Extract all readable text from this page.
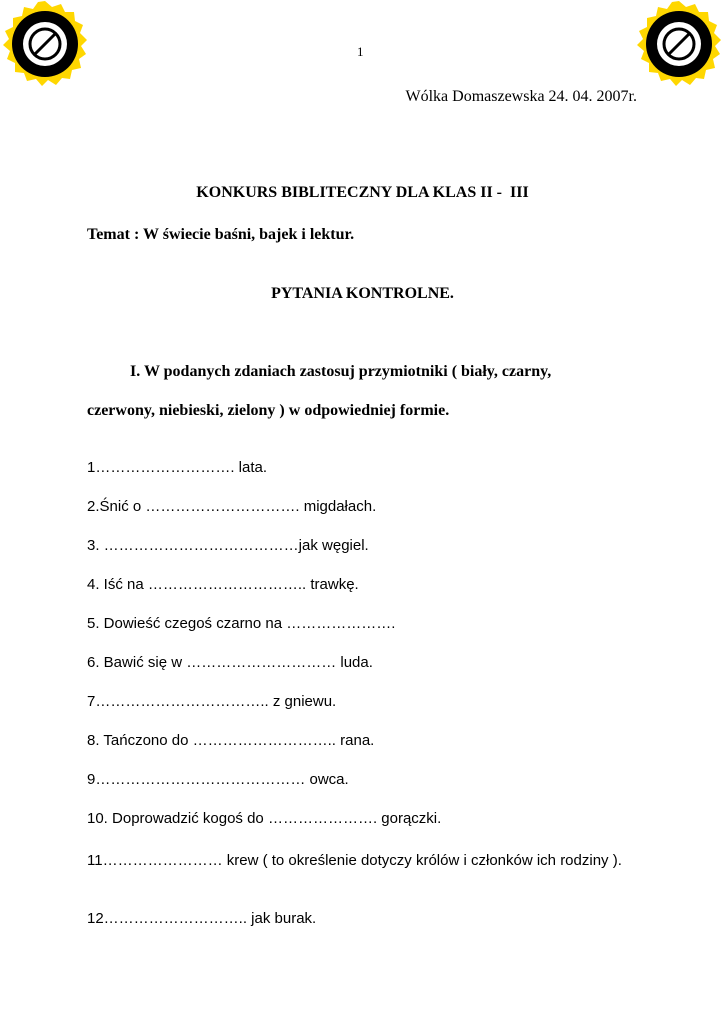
1
Wólka Domaszewska 24. 04. 2007r.
KONKURS BIBLITECZNY DLA KLAS II -  III
Temat : W świecie baśni, bajek i lektur.
PYTANIA KONTROLNE.
I. W podanych zdaniach zastosuj przymiotniki ( biały, czarny,
czerwony, niebieski, zielony ) w odpowiedniej formie.
1………………………. lata.
2.Śnić o …………………………. migdałach.
3. …………………………………jak węgiel.
4. Iść na ………………………….. trawkę.
5. Dowieść czegoś czarno na ………………….
6. Bawić się w ………………………… luda.
7…………………………….. z gniewu.
8. Tańczono do ……………………….. rana.
9…………………………………… owca.
10. Doprowadzić kogoś do …………………. gorączki.
11…………………… krew ( to określenie dotyczy królów i członków ich rodziny ).
12……………………….. jak burak.
